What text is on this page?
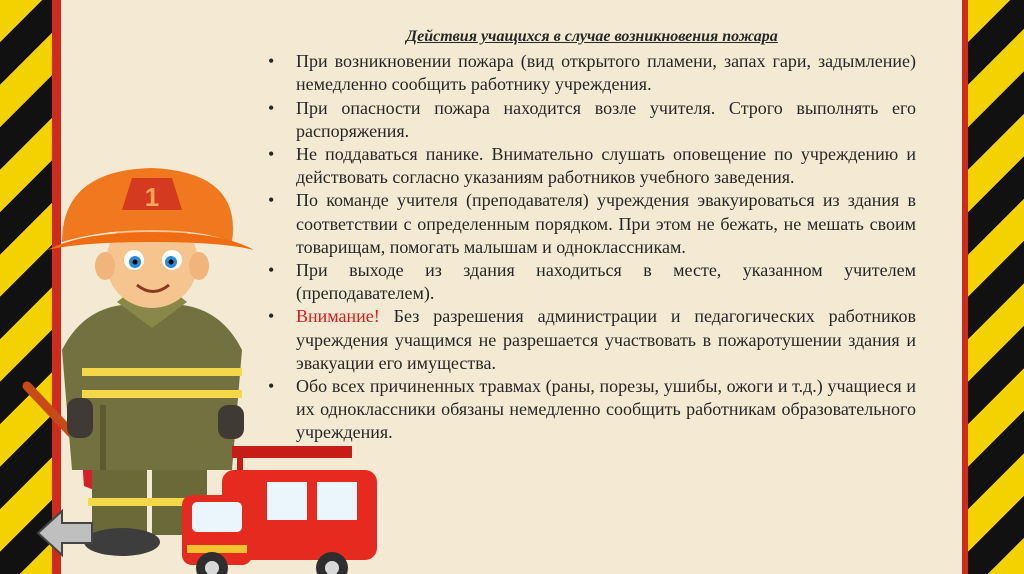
1
Действия учащихся в случае возникновения пожара
• При возникновении пожара (вид открытого пламени, запах гари, задымление) немедленно сообщить работнику учреждения.
• При опасности пожара находится возле учителя. Строго выполнять его распоряжения.
• Не поддаваться панике. Внимательно слушать оповещение по учреждению и действовать согласно указаниям работников учебного заведения.
• По команде учителя (преподавателя) учреждения эвакуироваться из здания в соответствии с определенным порядком. При этом не бежать, не мешать своим товарищам, помогать малышам и одноклассникам.
• При выходе из здания находиться в месте, указанном учителем (преподавателем).
• Внимание! Без разрешения администрации и педагогических работников учреждения учащимся не разрешается участвовать в пожаротушении здания и эвакуации его имущества.
• Обо всех причиненных травмах (раны, порезы, ушибы, ожоги и т.д.) учащиеся и их одноклассники обязаны немедленно сообщить работникам образовательного учреждения.
